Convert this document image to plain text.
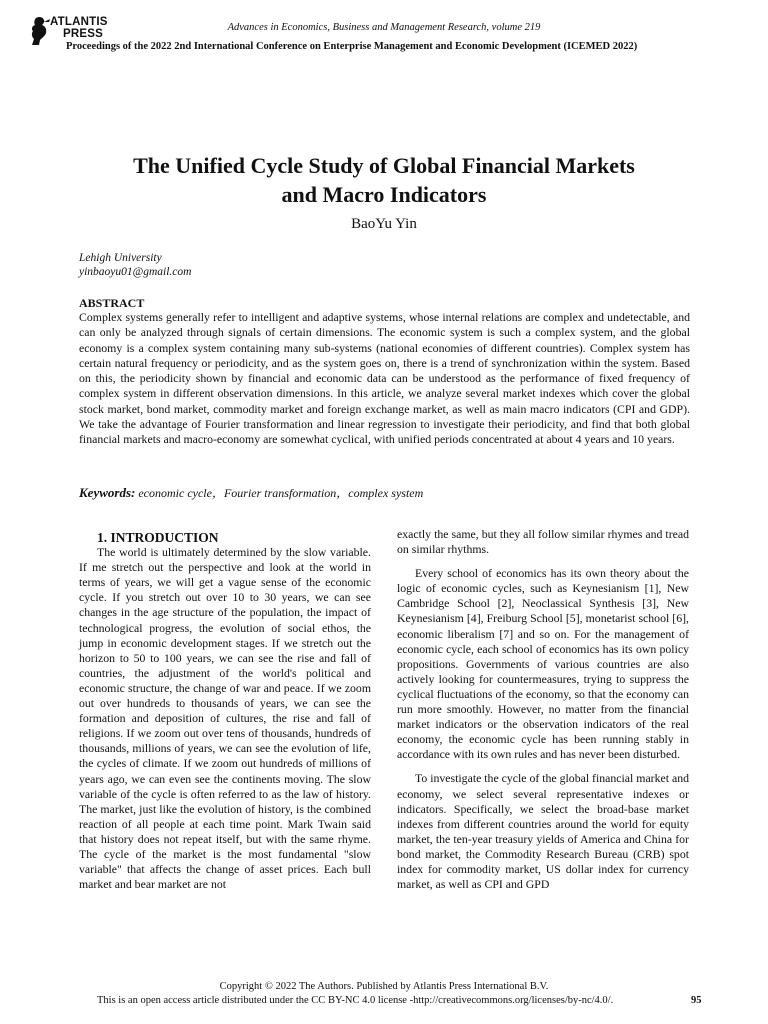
ATLANTIS
PRESS
Advances in Economics, Business and Management Research, volume 219
Proceedings of the 2022 2nd International Conference on Enterprise Management and Economic Development (ICEMED 2022)
The Unified Cycle Study of Global Financial Markets
and Macro Indicators
BaoYu Yin
Lehigh University
yinbaoyu01@gmail.com
ABSTRACT

Complex systems generally refer to intelligent and adaptive systems, whose internal relations are complex and undetectable, and can only be analyzed through signals of certain dimensions. The economic system is such a complex system, and the global economy is a complex system containing many sub-systems (national economies of different countries). Complex system has certain natural frequency or periodicity, and as the system goes on, there is a trend of synchronization within the system. Based on this, the periodicity shown by financial and economic data can be understood as the performance of fixed frequency of complex system in different observation dimensions. In this article, we analyze several market indexes which cover the global stock market, bond market, commodity market and foreign exchange market, as well as main macro indicators (CPI and GDP). We take the advantage of Fourier transformation and linear regression to investigate their periodicity, and find that both global financial markets and macro-economy are somewhat cyclical, with unified periods concentrated at about 4 years and 10 years.

Keywords: economic cycle，Fourier transformation，complex system

1. INTRODUCTION

The world is ultimately determined by the slow variable. If me stretch out the perspective and look at the world in terms of years, we will get a vague sense of the economic cycle. If you stretch out over 10 to 30 years, we can see changes in the age structure of the population, the impact of technological progress, the evolution of social ethos, the jump in economic development stages. If we stretch out the horizon to 50 to 100 years, we can see the rise and fall of countries, the adjustment of the world's political and economic structure, the change of war and peace. If we zoom out over hundreds to thousands of years, we can see the formation and deposition of cultures, the rise and fall of religions. If we zoom out over tens of thousands, hundreds of thousands, millions of years, we can see the evolution of life, the cycles of climate. If we zoom out hundreds of millions of years ago, we can even see the continents moving. The slow variable of the cycle is often referred to as the law of history. The market, just like the evolution of history, is the combined reaction of all people at each time point. Mark Twain said that history does not repeat itself, but with the same rhyme. The cycle of the market is the most fundamental "slow variable" that affects the change of asset prices. Each bull market and bear market are not

exactly the same, but they all follow similar rhymes and tread on similar rhythms.

Every school of economics has its own theory about the logic of economic cycles, such as Keynesianism [1], New Cambridge School [2], Neoclassical Synthesis [3], New Keynesianism [4], Freiburg School [5], monetarist school [6], economic liberalism [7] and so on. For the management of economic cycle, each school of economics has its own policy propositions. Governments of various countries are also actively looking for countermeasures, trying to suppress the cyclical fluctuations of the economy, so that the economy can run more smoothly. However, no matter from the financial market indicators or the observation indicators of the real economy, the economic cycle has been running stably in accordance with its own rules and has never been disturbed.

To investigate the cycle of the global financial market and economy, we select several representative indexes or indicators. Specifically, we select the broad-base market indexes from different countries around the world for equity market, the ten-year treasury yields of America and China for bond market, the Commodity Research Bureau (CRB) spot index for commodity market, US dollar index for currency market, as well as CPI and GPD

Copyright © 2022 The Authors. Published by Atlantis Press International B.V.
This is an open access article distributed under the CC BY-NC 4.0 license -http://creativecommons.org/licenses/by-nc/4.0/.	95
